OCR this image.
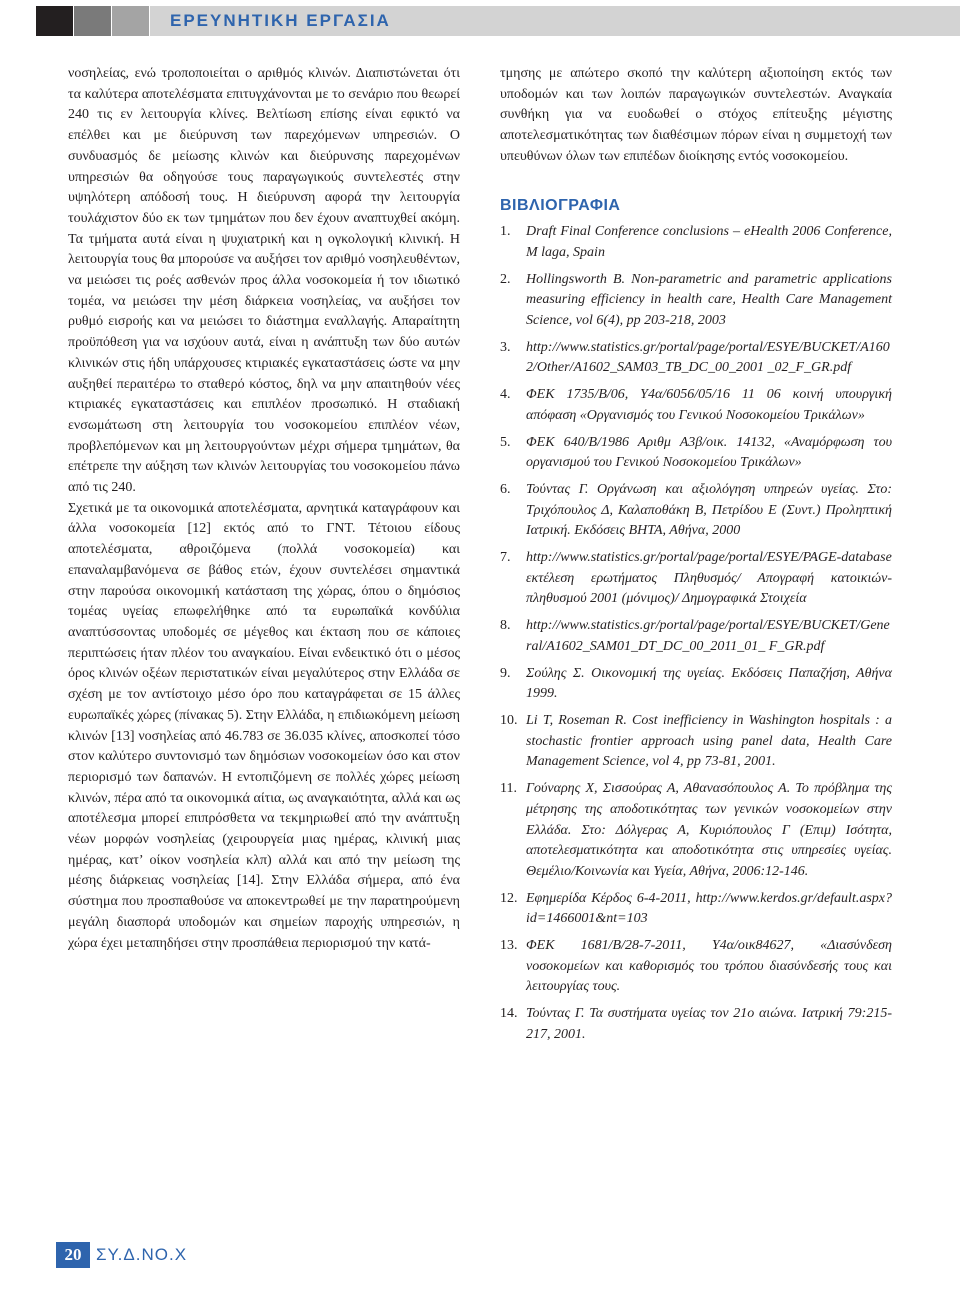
ΕΡΕΥΝΗΤΙΚΗ ΕΡΓΑΣΙΑ

νοσηλείας, ενώ τροποποιείται ο αριθμός κλινών. Διαπιστώνεται ότι τα καλύτερα αποτελέσματα επιτυγχάνονται με το σενάριο που θεωρεί 240 τις εν λειτουργία κλίνες. Βελτίωση επίσης είναι εφικτό να επέλθει και με διεύρυνση των παρεχόμενων υπηρεσιών. Ο συνδυασμός δε μείωσης κλινών και διεύρυνσης παρεχομένων υπηρεσιών θα οδηγούσε τους παραγωγικούς συντελεστές στην υψηλότερη απόδοσή τους. Η διεύρυνση αφορά την λειτουργία τουλάχιστον δύο εκ των τμημάτων που δεν έχουν αναπτυχθεί ακόμη. Τα τμήματα αυτά είναι η ψυχιατρική και η ογκολογική κλινική. Η λειτουργία τους θα μπορούσε να αυξήσει τον αριθμό νοσηλευθέντων, να μειώσει τις ροές ασθενών προς άλλα νοσοκομεία ή τον ιδιωτικό τομέα, να μειώσει την μέση διάρκεια νοσηλείας, να αυξήσει τον ρυθμό εισροής και να μειώσει το διάστημα εναλλαγής. Απαραίτητη προϋπόθεση για να ισχύουν αυτά, είναι η ανάπτυξη των δύο αυτών κλινικών στις ήδη υπάρχουσες κτιριακές εγκαταστάσεις ώστε να μην αυξηθεί περαιτέρω το σταθερό κόστος, δηλ να μην απαιτηθούν νέες κτιριακές εγκαταστάσεις και επιπλέον προσωπικό. Η σταδιακή ενσωμάτωση στη λειτουργία του νοσοκομείου επιπλέον νέων, προβλεπόμενων και μη λειτουργούντων μέχρι σήμερα τμημάτων, θα επέτρεπε την αύξηση των κλινών λειτουργίας του νοσοκομείου πάνω από τις 240.

Σχετικά με τα οικονομικά αποτελέσματα, αρνητικά καταγράφουν και άλλα νοσοκομεία [12] εκτός από το ΓΝΤ. Τέτοιου είδους αποτελέσματα, αθροιζόμενα (πολλά νοσοκομεία) και επαναλαμβανόμενα σε βάθος ετών, έχουν συντελέσει σημαντικά στην παρούσα οικονομική κατάσταση της χώρας, όπου ο δημόσιος τομέας υγείας επωφελήθηκε από τα ευρωπαϊκά κονδύλια αναπτύσσοντας υποδομές σε μέγεθος και έκταση που σε κάποιες περιπτώσεις ήταν πλέον του αναγκαίου. Είναι ενδεικτικό ότι ο μέσος όρος κλινών οξέων περιστατικών είναι μεγαλύτερος στην Ελλάδα σε σχέση με τον αντίστοιχο μέσο όρο που καταγράφεται σε 15 άλλες ευρωπαϊκές χώρες (πίνακας 5). Στην Ελλάδα, η επιδιωκόμενη μείωση κλινών [13] νοσηλείας από 46.783 σε 36.035 κλίνες, αποσκοπεί τόσο στον καλύτερο συντονισμό των δημόσιων νοσοκομείων όσο και στον περιορισμό των δαπανών. Η εντοπιζόμενη σε πολλές χώρες μείωση κλινών, πέρα από τα οικονομικά αίτια, ως αναγκαιότητα, αλλά και ως αποτέλεσμα μπορεί επιπρόσθετα να τεκμηριωθεί από την ανάπτυξη νέων μορφών νοσηλείας (χειρουργεία μιας ημέρας, κλινική μιας ημέρας, κατ’ οίκον νοσηλεία κλπ) αλλά και από την μείωση της μέσης διάρκειας νοσηλείας [14]. Στην Ελλάδα σήμερα, από ένα σύστημα που προσπαθούσε να αποκεντρωθεί με την παρατηρούμενη μεγάλη διασπορά υποδομών και σημείων παροχής υπηρεσιών, η χώρα έχει μεταπηδήσει στην προσπάθεια περιορισμού την κατά-

τμησης με απώτερο σκοπό την καλύτερη αξιοποίηση εκτός των υποδομών και των λοιπών παραγωγικών συντελεστών. Αναγκαία συνθήκη για να ευοδωθεί ο στόχος επίτευξης μέγιστης αποτελεσματικότητας των διαθέσιμων πόρων είναι η συμμετοχή των υπευθύνων όλων των επιπέδων διοίκησης εντός νοσοκομείου.

ΒΙΒΛΙΟΓΡΑΦΙΑ
1.	Draft Final Conference conclusions – eHealth 2006 Conference, Μ laga, Spain
2.	Hollingsworth B. Non-parametric and parametric applications measuring efficiency in health care, Health Care Management Science, vol 6(4), pp 203-218, 2003
3.	http://www.statistics.gr/portal/page/portal/ESYE/BUCKET/A1602/Other/A1602_SAM03_TB_DC_00_2001 _02_F_GR.pdf
4.	ΦΕΚ 1735/Β/06, Υ4α/6056/05/16 11 06 κοινή υπουργική απόφαση «Οργανισμός του Γενικού Νοσοκομείου Τρικάλων»
5.	ΦΕΚ 640/Β/1986 Αριθμ Α3β/οικ. 14132, «Αναμόρφωση του οργανισμού του Γενικού Νοσοκομείου Τρικάλων»
6.	Τούντας Γ. Οργάνωση και αξιολόγηση υπηρεών υγείας. Στο: Τριχόπουλος Δ, Καλαποθάκη Β, Πετρίδου Ε (Συντ.) Προληπτική Ιατρική. Εκδόσεις ΒΗΤΑ, Αθήνα, 2000
7.	http://www.statistics.gr/portal/page/portal/ESYE/PAGE-database εκτέλεση ερωτήματος Πληθυσμός/ Απογραφή κατοικιών-πληθυσμού 2001 (μόνιμος)/ Δημογραφικά Στοιχεία
8.	http://www.statistics.gr/portal/page/portal/ESYE/BUCKET/General/A1602_SAM01_DT_DC_00_2011_01_ F_GR.pdf
9.	Σούλης Σ. Οικονομική της υγείας. Εκδόσεις Παπαζήση, Αθήνα 1999.
10. Li T, Roseman R. Cost inefficiency in Washington hospitals : a stochastic frontier approach using panel data, Health Care Management Science, vol 4, pp 73-81, 2001.
11. Γούναρης Χ, Σισσούρας Α, Αθανασόπουλος Α. Το πρόβλημα της μέτρησης της αποδοτικότητας των γενικών νοσοκομείων στην Ελλάδα. Στο: Δόλγερας Α, Κυριόπουλος Γ (Επιμ) Ισότητα, αποτελεσματικότητα και αποδοτικότητα στις υπηρεσίες υγείας. Θεμέλιο/Κοινωνία και Υγεία, Αθήνα, 2006:12-146.
12. Εφημερίδα Κέρδος 6-4-2011, http://www.kerdos.gr/default.aspx?id=1466001&nt=103
13. ΦΕΚ 1681/Β/28-7-2011, Υ4α/οικ84627, «Διασύνδεση νοσοκομείων και καθορισμός του τρόπου διασύνδεσής τους και λειτουργίας τους.
14. Τούντας Γ. Τα συστήματα υγείας τον 21ο αιώνα. Ιατρική 79:215-217, 2001.
20 ΣΥ.Δ.ΝΟ.Χ
